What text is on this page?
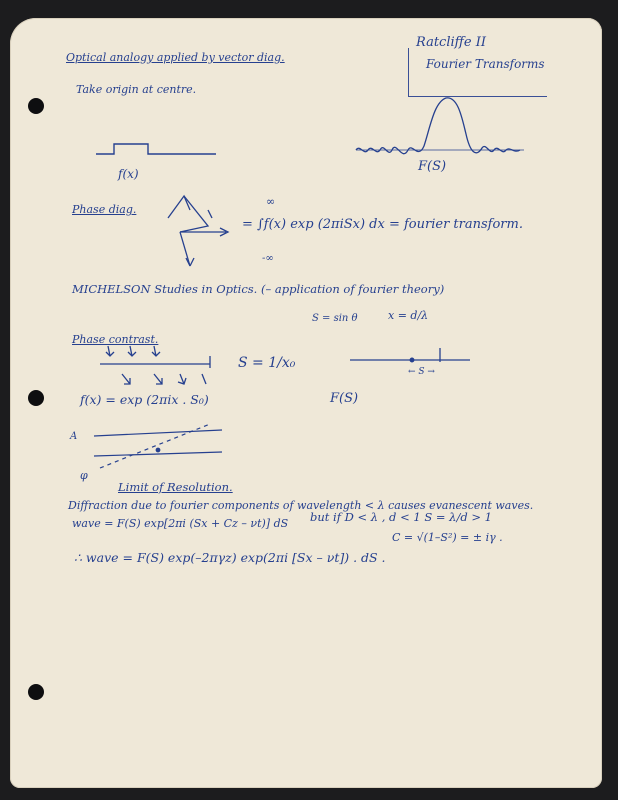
Ratcliffe II
Fourier Transforms
Optical analogy applied by vector diag.
Take origin at centre.
f(x)	F(S)
Phase diag.
∞
-∞
= ∫f(x) exp (2πiSx) dx = fourier transform.
MICHELSON Studies in Optics. (– application of fourier theory)
S = sin θ	x = d/λ
Phase contrast.
S = 1/x₀
← S →
f(x) = exp (2πix . S₀)	F(S)
A
φ
Limit of Resolution.
Diffraction due to fourier components of wavelength < λ causes evanescent waves.
wave = F(S) exp[2πi (Sx + Cz – νt)] dS but if D < λ , d < 1 S = λ/d > 1
C = √(1–S²) = ± iγ .
∴ wave = F(S) exp(–2πγz) exp(2πi [Sx – νt]) . dS .
